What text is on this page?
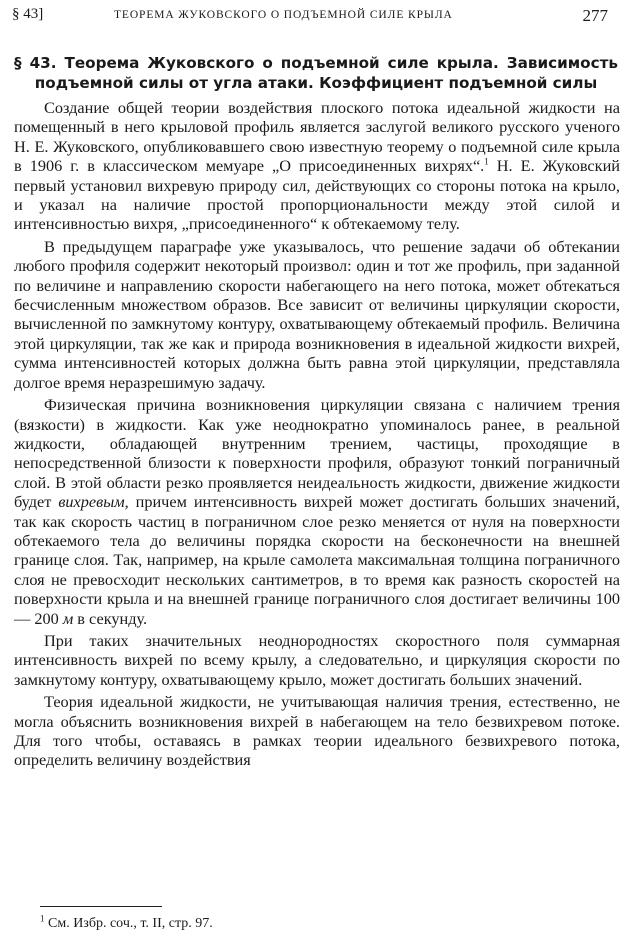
§ 43]	ТЕОРЕМА ЖУКОВСКОГО О ПОДЪЕМНОЙ СИЛЕ КРЫЛА	277
§ 43. Теорема Жуковского о подъемной силе крыла. Зависимость подъемной силы от угла атаки. Коэффициент подъемной силы

Создание общей теории воздействия плоского потока идеальной жидкости на помещенный в него крыловой профиль является заслугой великого русского ученого Н. Е. Жуковского, опубликовавшего свою известную теорему о подъемной силе крыла в 1906 г. в классическом мемуаре „О присоединенных вихрях“.$^1$ Н. Е. Жуковский первый установил вихревую природу сил, действующих со стороны потока на крыло, и указал на наличие простой пропорциональности между этой силой и интенсивностью вихря, „присоединенного“ к обтекаемому телу.

В предыдущем параграфе уже указывалось, что решение задачи об обтекании любого профиля содержит некоторый произвол: один и тот же профиль, при заданной по величине и направлению скорости набегающего на него потока, может обтекаться бесчисленным множеством образов. Все зависит от величины циркуляции скорости, вычисленной по замкнутому контуру, охватывающему обтекаемый профиль. Величина этой циркуляции, так же как и природа возникновения в идеальной жидкости вихрей, сумма интенсивностей которых должна быть равна этой циркуляции, представляла долгое время неразрешимую задачу.

Физическая причина возникновения циркуляции связана с наличием трения (вязкости) в жидкости. Как уже неоднократно упоминалось ранее, в реальной жидкости, обладающей внутренним трением, частицы, проходящие в непосредственной близости к поверхности профиля, образуют тонкий пограничный слой. В этой области резко проявляется неидеальность жидкости, движение жидкости будет вихревым, причем интенсивность вихрей может достигать больших значений, так как скорость частиц в пограничном слое резко меняется от нуля на поверхности обтекаемого тела до величины порядка скорости на бесконечности на внешней границе слоя. Так, например, на крыле самолета максимальная толщина пограничного слоя не превосходит нескольких сантиметров, в то время как разность скоростей на поверхности крыла и на внешней границе пограничного слоя достигает величины 100 — 200 м в секунду.

При таких значительных неоднородностях скоростного поля суммарная интенсивность вихрей по всему крылу, а следовательно, и циркуляция скорости по замкнутому контуру, охватывающему крыло, может достигать больших значений.

Теория идеальной жидкости, не учитывающая наличия трения, естественно, не могла объяснить возникновения вихрей в набегающем на тело безвихревом потоке. Для того чтобы, оставаясь в рамках теории идеального безвихревого потока, определить величину воздействия

$^1$ См. Избр. соч., т. II, стр. 97.
